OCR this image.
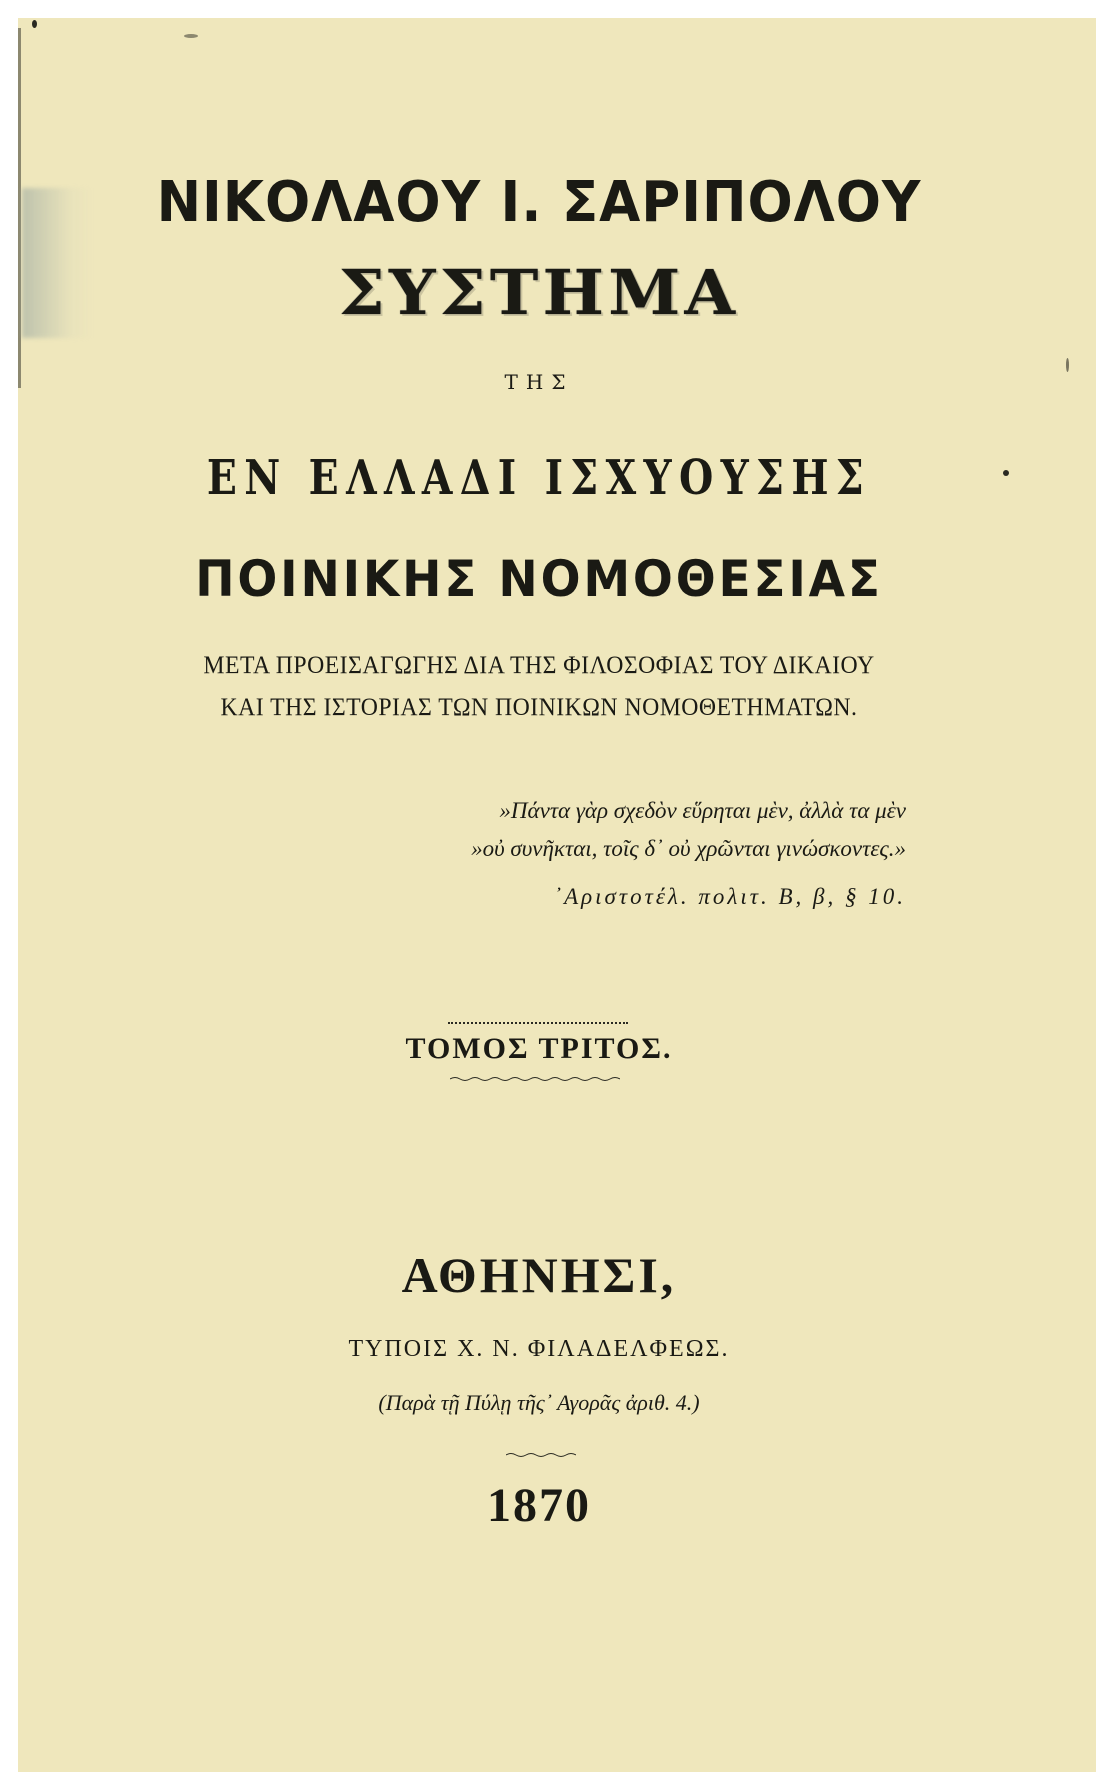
ΝΙΚΟΛΑΟΥ Ι. ΣΑΡΙΠΟΛΟΥ
ΣΥΣΤΗΜΑ
ΤΗΣ
ΕΝ ΕΛΛΑΔΙ ΙΣΧΥΟΥΣΗΣ
ΠΟΙΝΙΚΗΣ ΝΟΜΟΘΕΣΙΑΣ
ΜΕΤΑ ΠΡΟΕΙΣΑΓΩΓΗΣ ΔΙΑ ΤΗΣ ΦΙΛΟΣΟΦΙΑΣ ΤΟΥ ΔΙΚΑΙΟΥ
ΚΑΙ ΤΗΣ ΙΣΤΟΡΙΑΣ ΤΩΝ ΠΟΙΝΙΚΩΝ ΝΟΜΟΘΕΤΗΜΑΤΩΝ.
»Πάντα γὰρ σχεδὸν εὕρηται μὲν, ἀλλὰ τα μὲν
»οὐ συνῆκται, τοῖς δ᾽ οὐ χρῶνται γινώσκοντες.»
᾽Αριστοτέλ. πολιτ. Β, β, § 10.
ΤΟΜΟΣ ΤΡΙΤΟΣ.
ΑΘΗΝΗΣΙ,
ΤΥΠΟΙΣ Χ. Ν. ΦΙΛΑΔΕΛΦΕΩΣ.
(Παρὰ τῇ Πύλῃ τῆς᾽ Αγορᾶς ἀριθ. 4.)
1870
